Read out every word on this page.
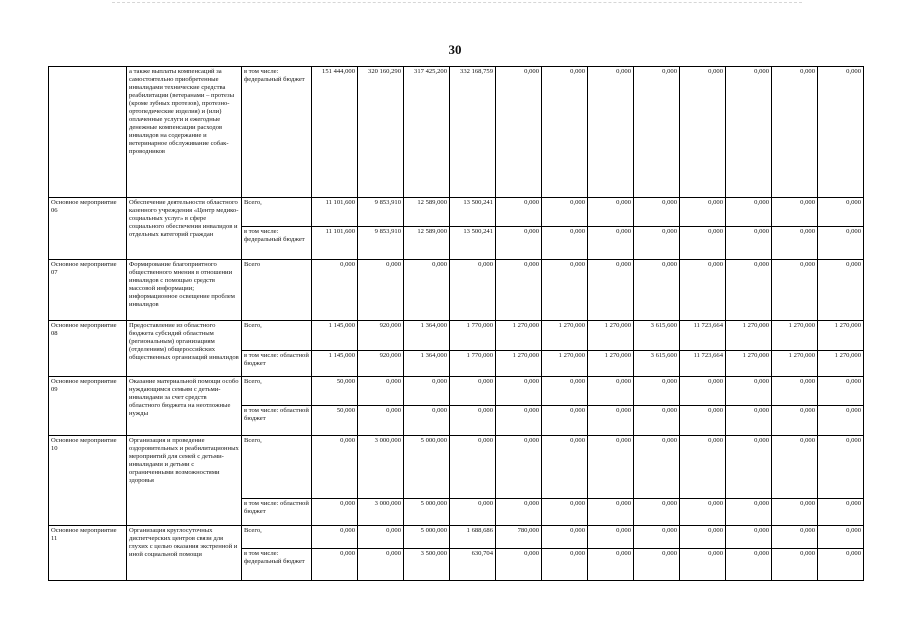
30
	а также выплаты компенсаций за самостоятельно приобретенные инвалидами технические средства реабилитации (ветеранами – протезы (кроме зубных протезов), протезно-ортопедические изделия) и (или) оплаченные услуги и ежегодные денежные компенсации расходов инвалидов на содержание и ветеринарное обслуживание собак-проводников	в том числе: федеральный бюджет	151 444,000	320 160,290	317 425,200	332 168,759	0,000	0,000	0,000	0,000	0,000	0,000	0,000	0,000
Основное мероприятие 06	Обеспечение деятельности областного казенного учреждения «Центр медико-социальных услуг» в сфере социального обеспечения инвалидов и отдельных категорий граждан	Всего,	11 101,600	9 853,910	12 589,000	13 500,241	0,000	0,000	0,000	0,000	0,000	0,000	0,000	0,000
		в том числе: федеральный бюджет	11 101,600	9 853,910	12 589,000	13 500,241	0,000	0,000	0,000	0,000	0,000	0,000	0,000	0,000
Основное мероприятие 07	Формирование благоприятного общественного мнения в отношении инвалидов с помощью средств массовой информации; информационное освещение проблем инвалидов	Всего	0,000	0,000	0,000	0,000	0,000	0,000	0,000	0,000	0,000	0,000	0,000	0,000
Основное мероприятие 08	Предоставление из областного бюджета субсидий областным (региональным) организациям (отделениям) общероссийских общественных организаций инвалидов	Всего,	1 145,000	920,000	1 364,000	1 770,000	1 270,000	1 270,000	1 270,000	3 615,600	11 723,664	1 270,000	1 270,000	1 270,000
		в том числе: областной бюджет	1 145,000	920,000	1 364,000	1 770,000	1 270,000	1 270,000	1 270,000	3 615,600	11 723,664	1 270,000	1 270,000	1 270,000
Основное мероприятие 09	Оказание материальной помощи особо нуждающимся семьям с детьми-инвалидами за счет средств областного бюджета на неотложные нужды	Всего,	50,000	0,000	0,000	0,000	0,000	0,000	0,000	0,000	0,000	0,000	0,000	0,000
		в том числе: областной бюджет	50,000	0,000	0,000	0,000	0,000	0,000	0,000	0,000	0,000	0,000	0,000	0,000
Основное мероприятие 10	Организация и проведение оздоровительных и реабилитационных мероприятий для семей с детьми-инвалидами и детьми с ограниченными возможностями здоровья	Всего,	0,000	3 000,000	5 000,000	0,000	0,000	0,000	0,000	0,000	0,000	0,000	0,000	0,000
		в том числе: областной бюджет	0,000	3 000,000	5 000,000	0,000	0,000	0,000	0,000	0,000	0,000	0,000	0,000	0,000
Основное мероприятие 11	Организация круглосуточных диспетчерских центров связи для глухих с целью оказания экстренной и иной социальной помощи	Всего,	0,000	0,000	5 000,000	1 688,686	780,000	0,000	0,000	0,000	0,000	0,000	0,000	0,000
		в том числе: федеральный бюджет	0,000	0,000	3 500,000	630,704	0,000	0,000	0,000	0,000	0,000	0,000	0,000	0,000
